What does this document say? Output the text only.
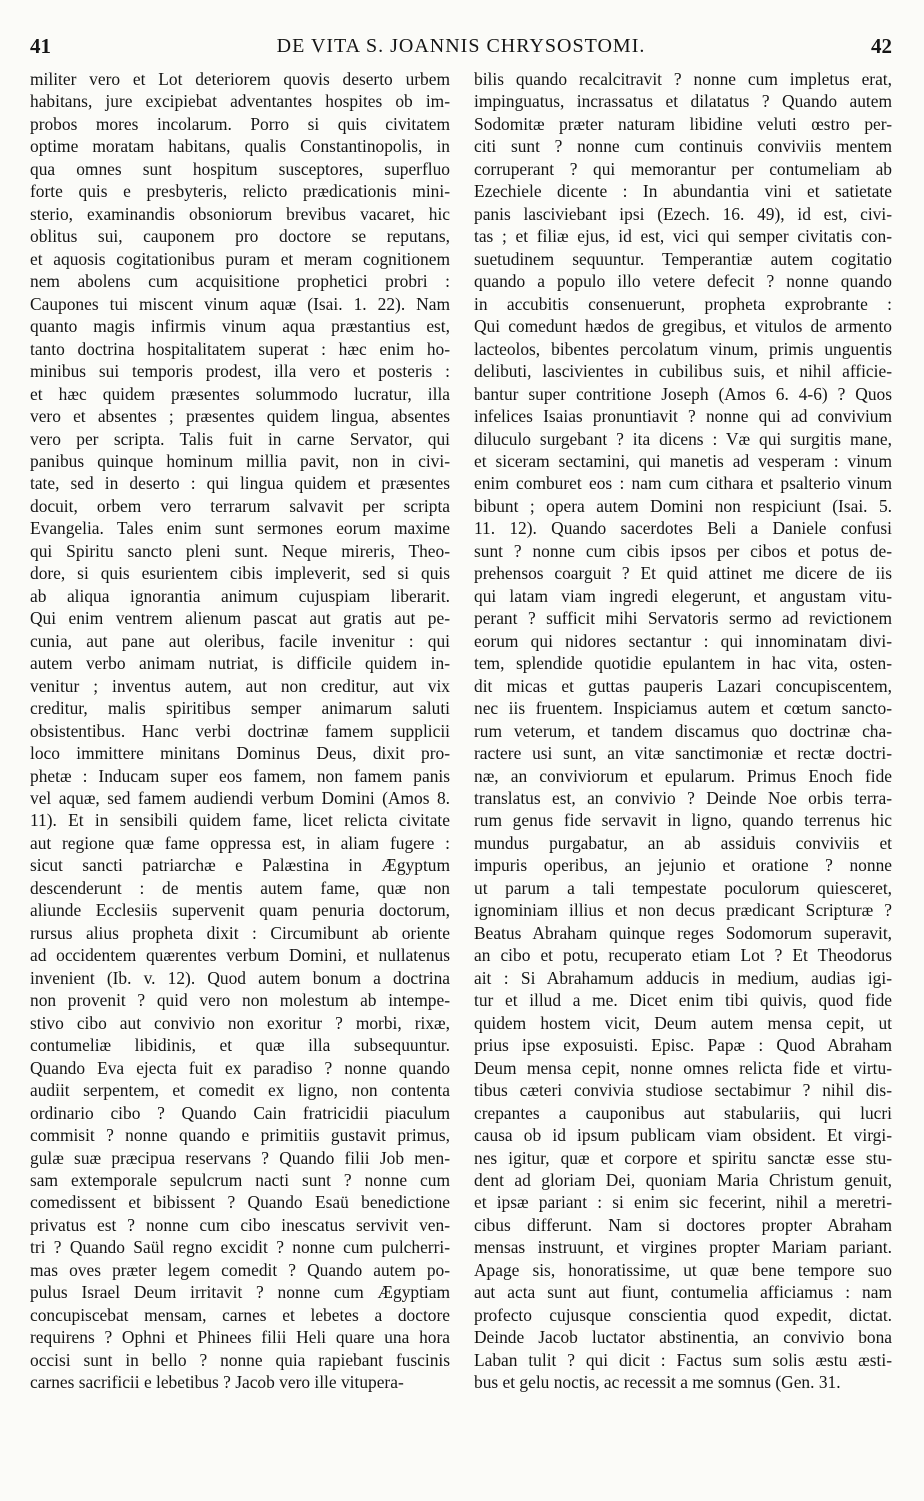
41	DE VITA S. JOANNIS CHRYSOSTOMI.	42
militer vero et Lot deteriorem quovis deserto urbem
habitans, jure excipiebat adventantes hospites ob im-
probos mores incolarum. Porro si quis civitatem
optime moratam habitans, qualis Constantinopolis, in
qua omnes sunt hospitum susceptores, superfluo
forte quis e presbyteris, relicto prædicationis mini-
sterio, examinandis obsoniorum brevibus vacaret, hic
oblitus sui, cauponem pro doctore se reputans,
et aquosis cogitationibus puram et meram cognitionem
nem abolens cum acquisitione prophetici probri :
Caupones tui miscent vinum aquæ (Isai. 1. 22). Nam
quanto magis infirmis vinum aqua præstantius est,
tanto doctrina hospitalitatem superat : hæc enim ho-
minibus sui temporis prodest, illa vero et posteris :
et hæc quidem præsentes solummodo lucratur, illa
vero et absentes ; præsentes quidem lingua, absentes
vero per scripta. Talis fuit in carne Servator, qui
panibus quinque hominum millia pavit, non in civi-
tate, sed in deserto : qui lingua quidem et præsentes
docuit, orbem vero terrarum salvavit per scripta
Evangelia. Tales enim sunt sermones eorum maxime
qui Spiritu sancto pleni sunt. Neque mireris, Theo-
dore, si quis esurientem cibis impleverit, sed si quis
ab aliqua ignorantia animum cujuspiam liberarit.
Qui enim ventrem alienum pascat aut gratis aut pe-
cunia, aut pane aut oleribus, facile invenitur : qui
autem verbo animam nutriat, is difficile quidem in-
venitur ; inventus autem, aut non creditur, aut vix
creditur, malis spiritibus semper animarum saluti
obsistentibus. Hanc verbi doctrinæ famem supplicii
loco immittere minitans Dominus Deus, dixit pro-
phetæ : Inducam super eos famem, non famem panis
vel aquæ, sed famem audiendi verbum Domini (Amos 8.
11). Et in sensibili quidem fame, licet relicta civitate
aut regione quæ fame oppressa est, in aliam fugere :
sicut sancti patriarchæ e Palæstina in Ægyptum
descenderunt : de mentis autem fame, quæ non
aliunde Ecclesiis supervenit quam penuria doctorum,
rursus alius propheta dixit : Circumibunt ab oriente
ad occidentem quærentes verbum Domini, et nullatenus
invenient (Ib. v. 12). Quod autem bonum a doctrina
non provenit ? quid vero non molestum ab intempe-
stivo cibo aut convivio non exoritur ? morbi, rixæ,
contumeliæ libidinis, et quæ illa subsequuntur.
Quando Eva ejecta fuit ex paradiso ? nonne quando
audiit serpentem, et comedit ex ligno, non contenta
ordinario cibo ? Quando Cain fratricidii piaculum
commisit ? nonne quando e primitiis gustavit primus,
gulæ suæ præcipua reservans ? Quando filii Job men-
sam extemporale sepulcrum nacti sunt ? nonne cum
comedissent et bibissent ? Quando Esaü benedictione
privatus est ? nonne cum cibo inescatus servivit ven-
tri ? Quando Saül regno excidit ? nonne cum pulcherri-
mas oves præter legem comedit ? Quando autem po-
pulus Israel Deum irritavit ? nonne cum Ægyptiam
concupiscebat mensam, carnes et lebetes a doctore
requirens ? Ophni et Phinees filii Heli quare una hora
occisi sunt in bello ? nonne quia rapiebant fuscinis
carnes sacrificii e lebetibus ? Jacob vero ille vitupera-
bilis quando recalcitravit ? nonne cum impletus erat,
impinguatus, incrassatus et dilatatus ? Quando autem
Sodomitæ præter naturam libidine veluti œstro per-
citi sunt ? nonne cum continuis conviviis mentem
corruperant ? qui memorantur per contumeliam ab
Ezechiele dicente : In abundantia vini et satietate
panis lasciviebant ipsi (Ezech. 16. 49), id est, civi-
tas ; et filiæ ejus, id est, vici qui semper civitatis con-
suetudinem sequuntur. Temperantiæ autem cogitatio
quando a populo illo vetere defecit ? nonne quando
in accubitis consenuerunt, propheta exprobrante :
Qui comedunt hædos de gregibus, et vitulos de armento
lacteolos, bibentes percolatum vinum, primis unguentis
delibuti, lascivientes in cubilibus suis, et nihil afficie-
bantur super contritione Joseph (Amos 6. 4-6) ? Quos
infelices Isaias pronuntiavit ? nonne qui ad convivium
diluculo surgebant ? ita dicens : Væ qui surgitis mane,
et siceram sectamini, qui manetis ad vesperam : vinum
enim comburet eos : nam cum cithara et psalterio vinum
bibunt ; opera autem Domini non respiciunt (Isai. 5.
11. 12). Quando sacerdotes Beli a Daniele confusi
sunt ? nonne cum cibis ipsos per cibos et potus de-
prehensos coarguit ? Et quid attinet me dicere de iis
qui latam viam ingredi elegerunt, et angustam vitu-
perant ? sufficit mihi Servatoris sermo ad revictionem
eorum qui nidores sectantur : qui innominatam divi-
tem, splendide quotidie epulantem in hac vita, osten-
dit micas et guttas pauperis Lazari concupiscentem,
nec iis fruentem. Inspiciamus autem et cœtum sancto-
rum veterum, et tandem discamus quo doctrinæ cha-
ractere usi sunt, an vitæ sanctimoniæ et rectæ doctri-
næ, an conviviorum et epularum. Primus Enoch fide
translatus est, an convivio ? Deinde Noe orbis terra-
rum genus fide servavit in ligno, quando terrenus hic
mundus purgabatur, an ab assiduis conviviis et
impuris operibus, an jejunio et oratione ? nonne
ut parum a tali tempestate poculorum quiesceret,
ignominiam illius et non decus prædicant Scripturæ ?
Beatus Abraham quinque reges Sodomorum superavit,
an cibo et potu, recuperato etiam Lot ? Et Theodorus
ait : Si Abrahamum adducis in medium, audias igi-
tur et illud a me. Dicet enim tibi quivis, quod fide
quidem hostem vicit, Deum autem mensa cepit, ut
prius ipse exposuisti. Episc. Papæ : Quod Abraham
Deum mensa cepit, nonne omnes relicta fide et virtu-
tibus cæteri convivia studiose sectabimur ? nihil dis-
crepantes a cauponibus aut stabulariis, qui lucri
causa ob id ipsum publicam viam obsident. Et virgi-
nes igitur, quæ et corpore et spiritu sanctæ esse stu-
dent ad gloriam Dei, quoniam Maria Christum genuit,
et ipsæ pariant : si enim sic fecerint, nihil a meretri-
cibus differunt. Nam si doctores propter Abraham
mensas instruunt, et virgines propter Mariam pariant.
Apage sis, honoratissime, ut quæ bene tempore suo
aut acta sunt aut fiunt, contumelia afficiamus : nam
profecto cujusque conscientia quod expedit, dictat.
Deinde Jacob luctator abstinentia, an convivio bona
Laban tulit ? qui dicit : Factus sum solis æstu æsti-
bus et gelu noctis, ac recessit a me somnus (Gen. 31.
